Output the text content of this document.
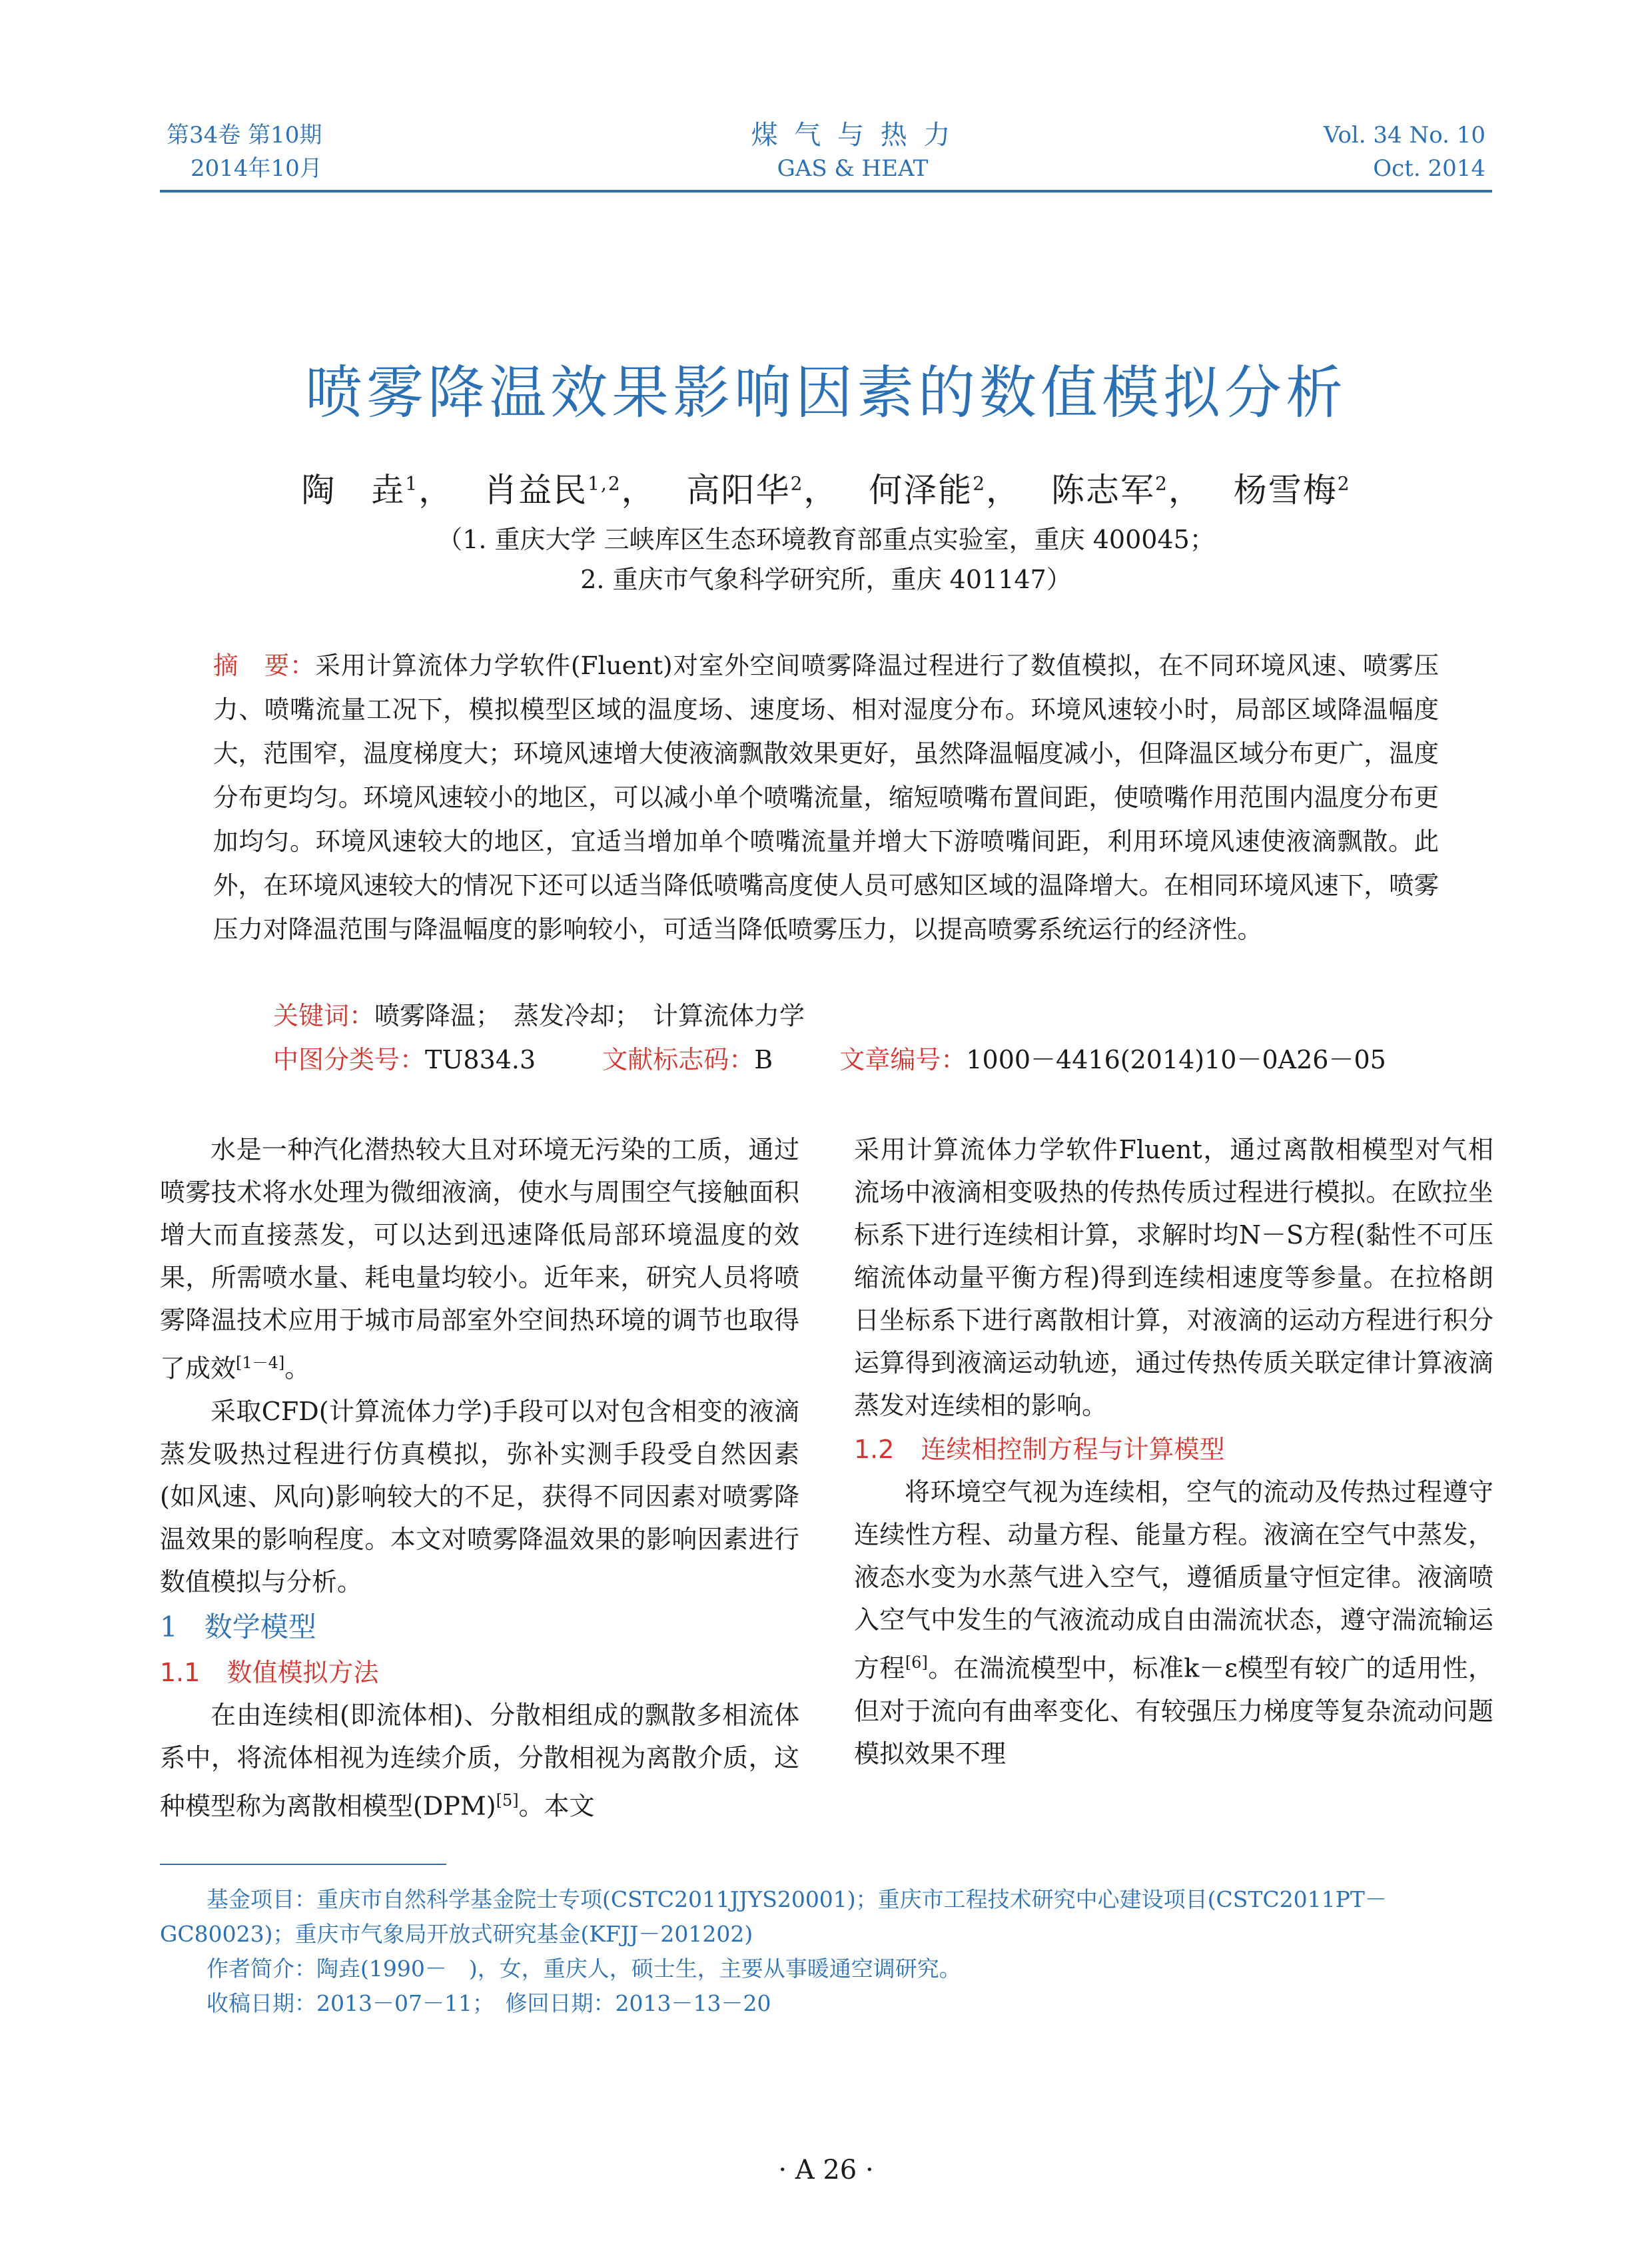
第34卷 第10期
2014年10月
煤 气 与 热 力
GAS & HEAT
Vol. 34 No. 10
Oct. 2014
喷雾降温效果影响因素的数值模拟分析
陶　垚$^1$， 肖益民$^{1,2}$， 高阳华$^2$， 何泽能$^2$， 陈志军$^2$， 杨雪梅$^2$
（1. 重庆大学 三峡库区生态环境教育部重点实验室，重庆 400045；
2. 重庆市气象科学研究所，重庆 401147）
摘　要：采用计算流体力学软件(Fluent)对室外空间喷雾降温过程进行了数值模拟，在不同环境风速、喷雾压力、喷嘴流量工况下，模拟模型区域的温度场、速度场、相对湿度分布。环境风速较小时，局部区域降温幅度大，范围窄，温度梯度大；环境风速增大使液滴飘散效果更好，虽然降温幅度减小，但降温区域分布更广，温度分布更均匀。环境风速较小的地区，可以减小单个喷嘴流量，缩短喷嘴布置间距，使喷嘴作用范围内温度分布更加均匀。环境风速较大的地区，宜适当增加单个喷嘴流量并增大下游喷嘴间距，利用环境风速使液滴飘散。此外，在环境风速较大的情况下还可以适当降低喷嘴高度使人员可感知区域的温降增大。在相同环境风速下，喷雾压力对降温范围与降温幅度的影响较小，可适当降低喷雾压力，以提高喷雾系统运行的经济性。
关键词：喷雾降温；　蒸发冷却；　计算流体力学
中图分类号：TU834.3	文献标志码：B	文章编号：1000－4416(2014)10－0A26－05

水是一种汽化潜热较大且对环境无污染的工质，通过喷雾技术将水处理为微细液滴，使水与周围空气接触面积增大而直接蒸发，可以达到迅速降低局部环境温度的效果，所需喷水量、耗电量均较小。近年来，研究人员将喷雾降温技术应用于城市局部室外空间热环境的调节也取得了成效[1－4]。

采取CFD(计算流体力学)手段可以对包含相变的液滴蒸发吸热过程进行仿真模拟，弥补实测手段受自然因素(如风速、风向)影响较大的不足，获得不同因素对喷雾降温效果的影响程度。本文对喷雾降温效果的影响因素进行数值模拟与分析。

1 数学模型

1.1 数值模拟方法

在由连续相(即流体相)、分散相组成的飘散多相流体系中，将流体相视为连续介质，分散相视为离散介质，这种模型称为离散相模型(DPM)[5]。本文

采用计算流体力学软件Fluent，通过离散相模型对气相流场中液滴相变吸热的传热传质过程进行模拟。在欧拉坐标系下进行连续相计算，求解时均N－S方程(黏性不可压缩流体动量平衡方程)得到连续相速度等参量。在拉格朗日坐标系下进行离散相计算，对液滴的运动方程进行积分运算得到液滴运动轨迹，通过传热传质关联定律计算液滴蒸发对连续相的影响。

1.2 连续相控制方程与计算模型

将环境空气视为连续相，空气的流动及传热过程遵守连续性方程、动量方程、能量方程。液滴在空气中蒸发，液态水变为水蒸气进入空气，遵循质量守恒定律。液滴喷入空气中发生的气液流动成自由湍流状态，遵守湍流输运方程[6]。在湍流模型中，标准k－ε模型有较广的适用性，但对于流向有曲率变化、有较强压力梯度等复杂流动问题模拟效果不理

基金项目：重庆市自然科学基金院士专项(CSTC2011JJYS20001)；重庆市工程技术研究中心建设项目(CSTC2011PT－GC80023)；重庆市气象局开放式研究基金(KFJJ－201202)

作者简介：陶垚(1990－　)，女，重庆人，硕士生，主要从事暖通空调研究。

收稿日期：2013－07－11；　 修回日期：2013－13－20

· A 26 ·
